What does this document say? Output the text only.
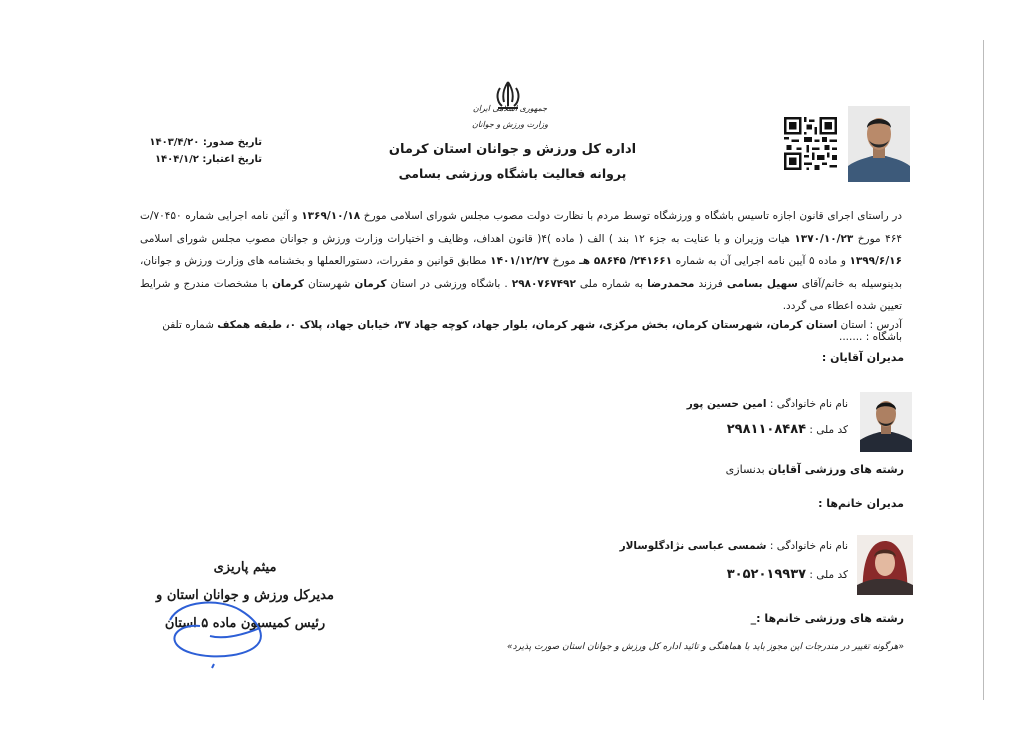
جمهوری اسلامی ایران
وزارت ورزش و جوانان
اداره کل ورزش و جوانان استان کرمان
پروانه فعالیت باشگاه ورزشی بسامی
تاریخ صدور: ۱۴۰۳/۴/۲۰
تاریخ اعتبار: ۱۴۰۴/۱/۲
در راستای اجرای قانون اجازه تاسیس باشگاه و ورزشگاه توسط مردم با نظارت دولت مصوب مجلس شورای اسلامی مورخ ۱۳۶۹/۱۰/۱۸ و آئین نامه اجرایی شماره ۷۰۴۵۰/ت ۴۶۴ مورخ ۱۳۷۰/۱۰/۲۳ هیات وزیران و با عنایت به جزء ۱۲ بند ) الف ( ماده )۴( قانون اهداف، وظایف و اختیارات وزارت ورزش و جوانان مصوب مجلس شورای اسلامی ۱۳۹۹/۶/۱۶ و ماده ۵ آیین نامه اجرایی آن به شماره ۲۴۱۶۶۱/ ۵۸۶۴۵ هـ مورخ ۱۴۰۱/۱۲/۲۷ مطابق قوانین و مقررات، دستورالعملها و بخشنامه های وزارت ورزش و جوانان، بدینوسیله به خانم/آقای سهیل بسامی فرزند محمدرضا به شماره ملی ۲۹۸۰۷۶۷۴۹۲ . باشگاه ورزشی در استان کرمان شهرستان کرمان با مشخصات مندرج و شرایط تعیین شده اعطاء می گردد.
آدرس : استان استان کرمان، شهرستان کرمان، بخش مرکزی، شهر کرمان، بلوار جهاد، کوچه جهاد ۳۷، خیابان جهاد، پلاک ۰، طبقه همکف شماره تلفن باشگاه : .......
مدیران آقایان :
نام نام خانوادگی : امین حسین پور
کد ملی : ۲۹۸۱۱۰۸۴۸۴
رشته های ورزشی آقایان بدنسازی
مدیران خانم‌ها :
نام نام خانوادگی : شمسی عباسی نژادگلوسالار
کد ملی : ۳۰۵۲۰۱۹۹۳۷
رشته های ورزشی خانم‌ها :_
«هرگونه تغییر در مندرجات این مجوز باید با هماهنگی و تائید اداره کل ورزش و جوانان استان صورت پذیرد»
میثم پاریزی
مدیرکل ورزش و جوانان استان و
رئیس کمیسیون ماده ۵ استان
